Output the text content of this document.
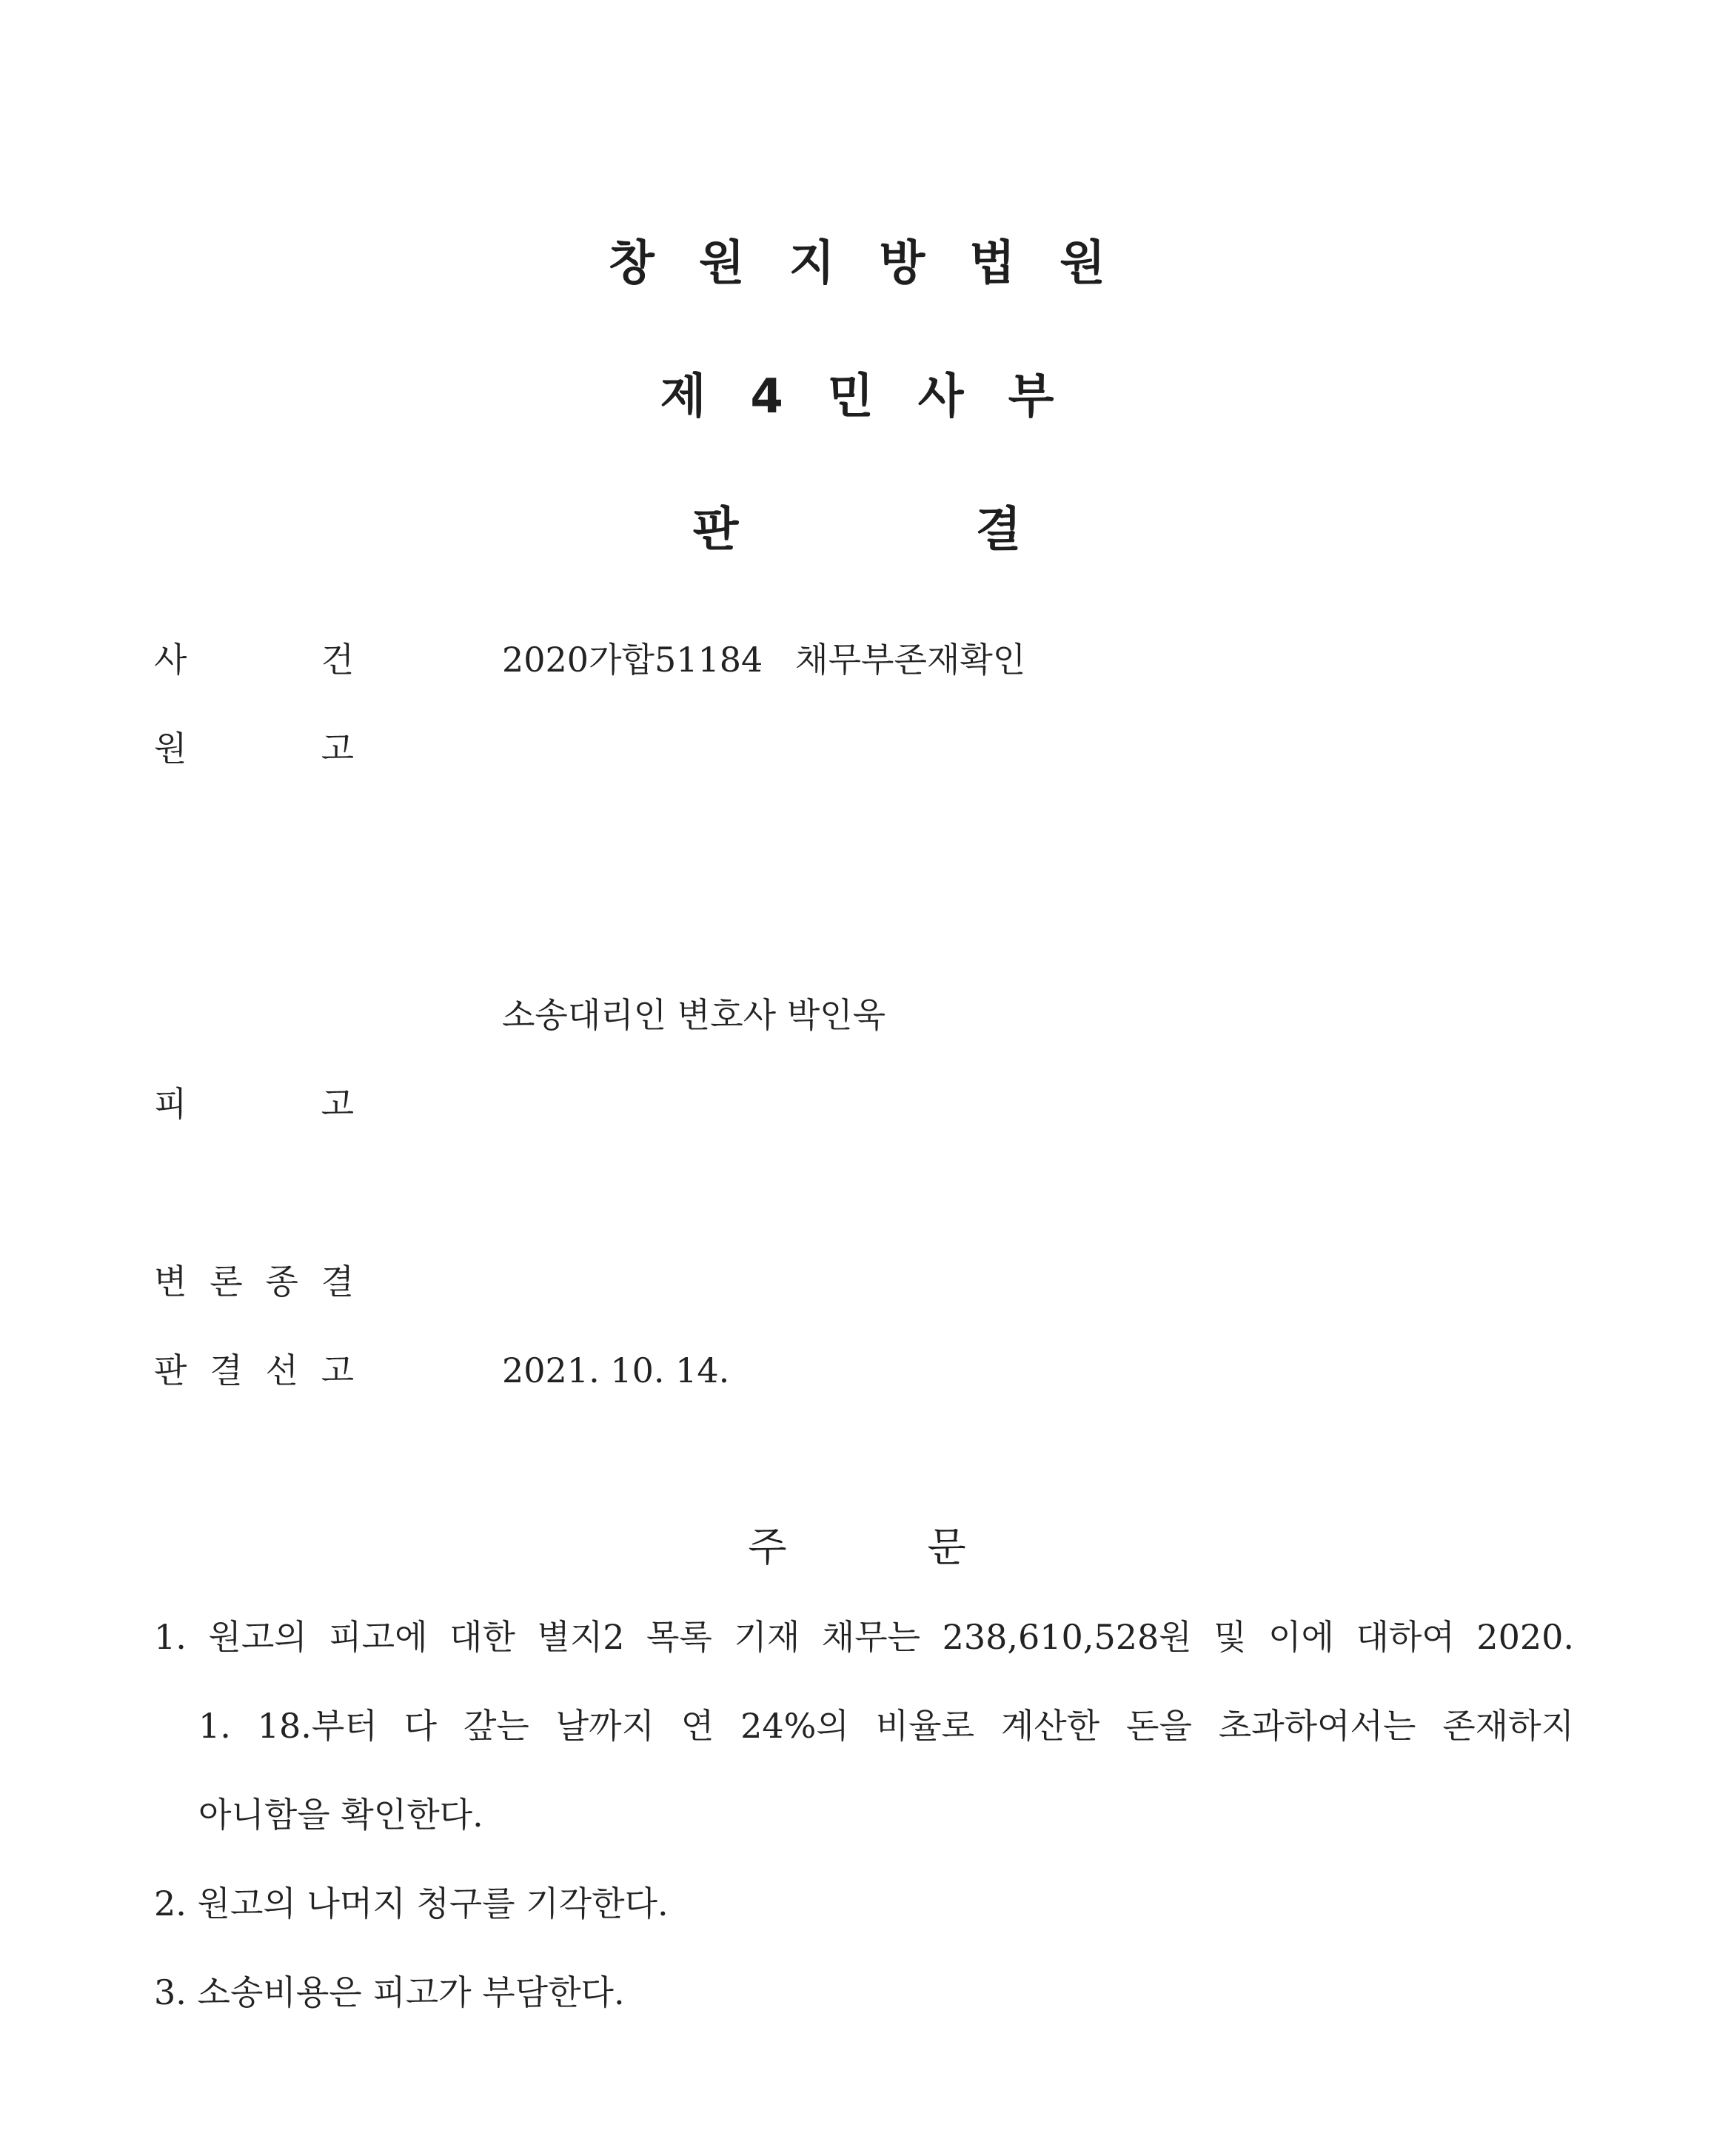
창원지방법원
제4민사부
판결
사	건	2020가합51184   채무부존재확인
원	고
소송대리인 변호사 박인욱
피	고
변 론 종 결
판 결 선 고	2021. 10. 14.
주문
1. 원고의 피고에 대한 별지2 목록 기재 채무는 238,610,528원 및 이에 대하여 2020.
1. 18.부터 다 갚는 날까지 연 24%의 비율로 계산한 돈을 초과하여서는 존재하지
아니함을 확인한다.
2. 원고의 나머지 청구를 기각한다.
3. 소송비용은 피고가 부담한다.
